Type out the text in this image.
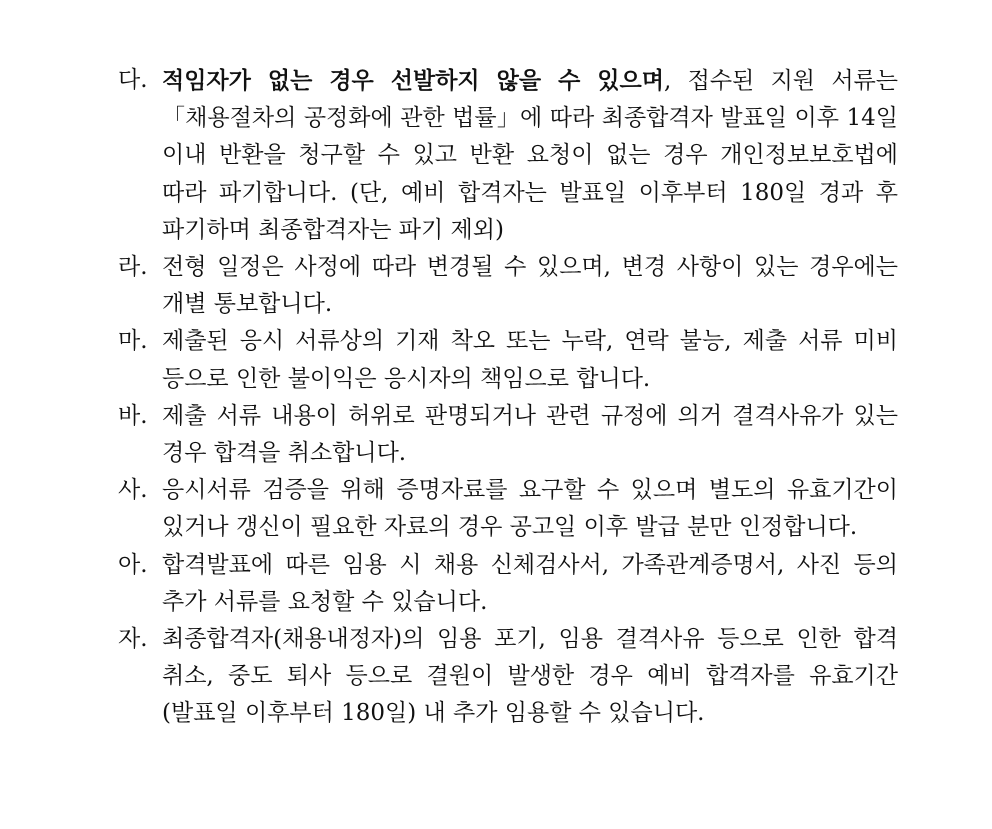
다. 적임자가 없는 경우 선발하지 않을 수 있으며, 접수된 지원 서류는 「채용절차의 공정화에 관한 법률」에 따라 최종합격자 발표일 이후 14일 이내 반환을 청구할 수 있고 반환 요청이 없는 경우 개인정보보호법에 따라 파기합니다. (단, 예비 합격자는 발표일 이후부터 180일 경과 후 파기하며 최종합격자는 파기 제외)
라. 전형 일정은 사정에 따라 변경될 수 있으며, 변경 사항이 있는 경우에는 개별 통보합니다.
마. 제출된 응시 서류상의 기재 착오 또는 누락, 연락 불능, 제출 서류 미비 등으로 인한 불이익은 응시자의 책임으로 합니다.
바. 제출 서류 내용이 허위로 판명되거나 관련 규정에 의거 결격사유가 있는 경우 합격을 취소합니다.
사. 응시서류 검증을 위해 증명자료를 요구할 수 있으며 별도의 유효기간이 있거나 갱신이 필요한 자료의 경우 공고일 이후 발급 분만 인정합니다.
아. 합격발표에 따른 임용 시 채용 신체검사서, 가족관계증명서, 사진 등의 추가 서류를 요청할 수 있습니다.
자. 최종합격자(채용내정자)의 임용 포기, 임용 결격사유 등으로 인한 합격 취소, 중도 퇴사 등으로 결원이 발생한 경우 예비 합격자를 유효기간 (발표일 이후부터 180일) 내 추가 임용할 수 있습니다.
